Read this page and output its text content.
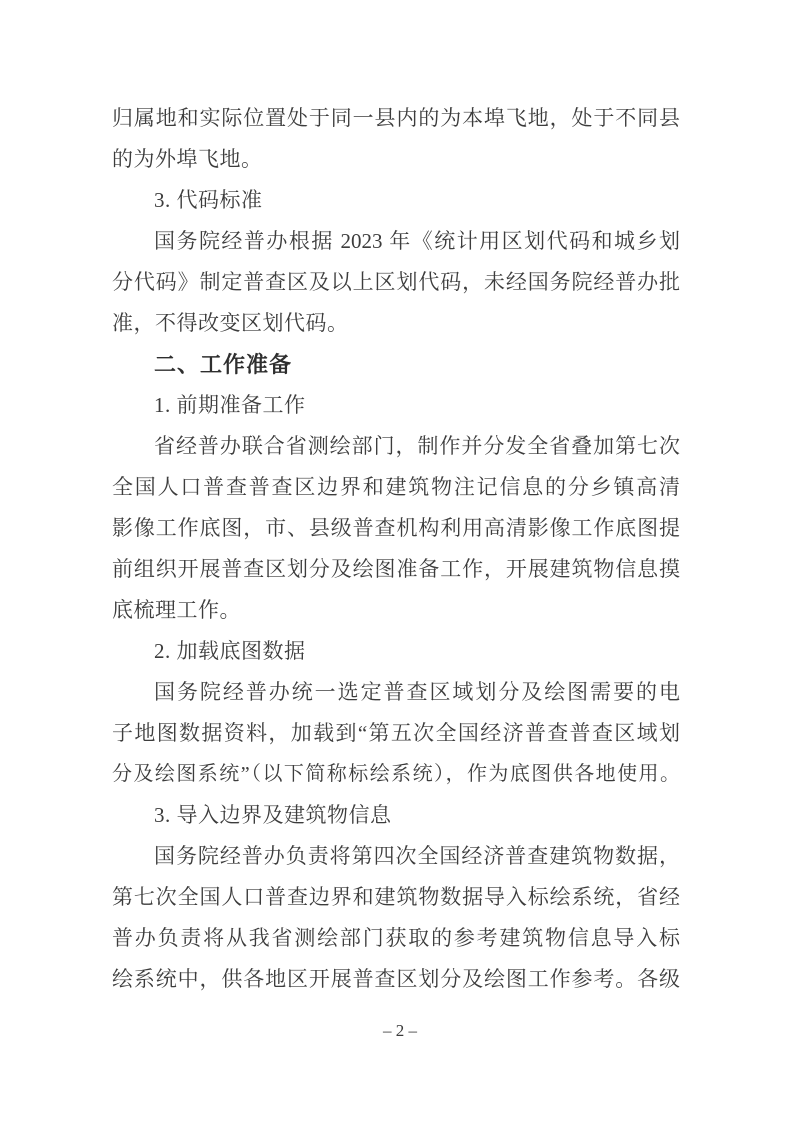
归属地和实际位置处于同一县内的为本埠飞地，处于不同县
的为外埠飞地。
3. 代码标准
国务院经普办根据 2023 年《统计用区划代码和城乡划
分代码》制定普查区及以上区划代码，未经国务院经普办批
准，不得改变区划代码。
二、工作准备
1. 前期准备工作
省经普办联合省测绘部门，制作并分发全省叠加第七次
全国人口普查普查区边界和建筑物注记信息的分乡镇高清
影像工作底图，市、县级普查机构利用高清影像工作底图提
前组织开展普查区划分及绘图准备工作，开展建筑物信息摸
底梳理工作。
2. 加载底图数据
国务院经普办统一选定普查区域划分及绘图需要的电
子地图数据资料，加载到“第五次全国经济普查普查区域划
分及绘图系统”（以下简称标绘系统），作为底图供各地使用。
3. 导入边界及建筑物信息
国务院经普办负责将第四次全国经济普查建筑物数据，
第七次全国人口普查边界和建筑物数据导入标绘系统，省经
普办负责将从我省测绘部门获取的参考建筑物信息导入标
绘系统中，供各地区开展普查区划分及绘图工作参考。各级
– 2 –
